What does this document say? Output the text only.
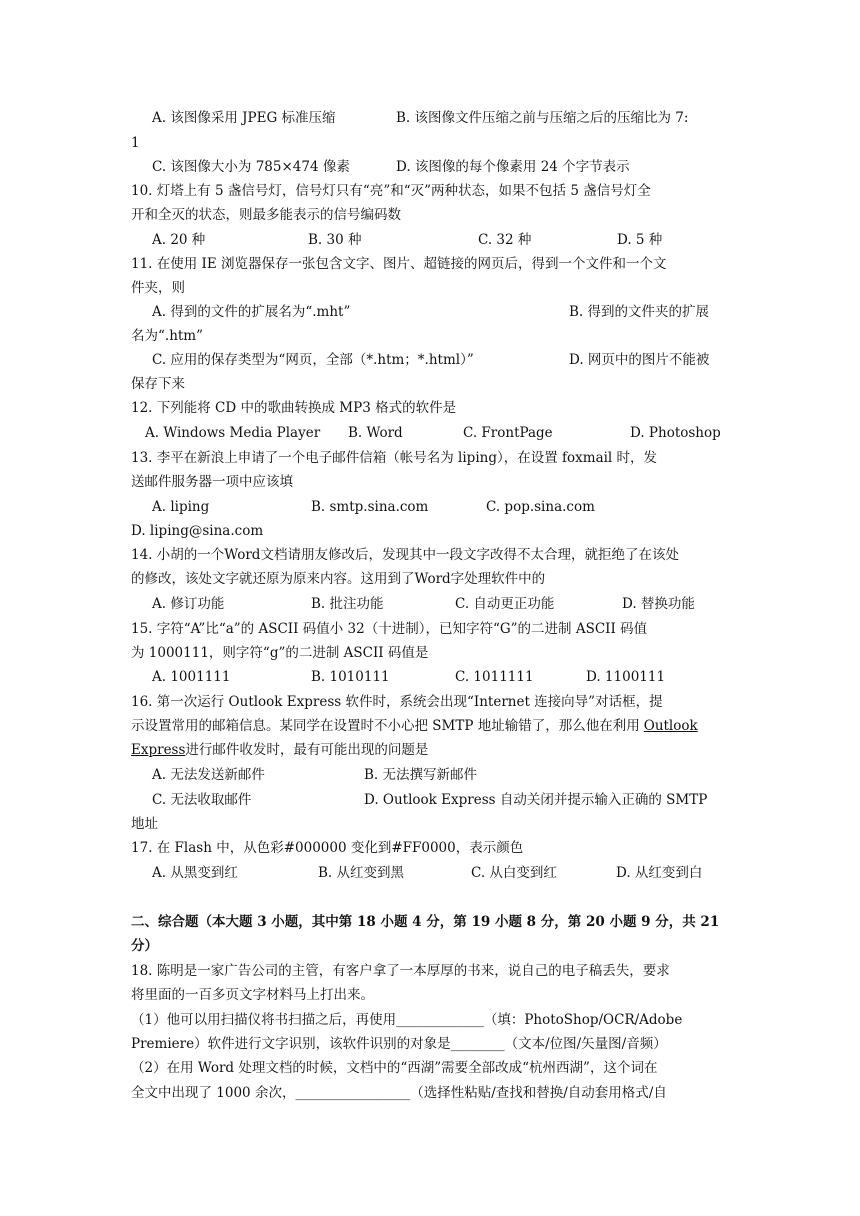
A. 该图像采用 JPEG 标准压缩	B. 该图像文件压缩之前与压缩之后的压缩比为 7:
1
C. 该图像大小为 785×474 像素	D. 该图像的每个像素用 24 个字节表示
10. 灯塔上有 5 盏信号灯，信号灯只有“亮”和“灭”两种状态，如果不包括 5 盏信号灯全
开和全灭的状态，则最多能表示的信号编码数
A. 20 种	B. 30 种	C. 32 种	D. 5 种
11. 在使用 IE 浏览器保存一张包含文字、图片、超链接的网页后，得到一个文件和一个文
件夹，则
A. 得到的文件的扩展名为“.mht”	B. 得到的文件夹的扩展
名为“.htm”
C. 应用的保存类型为“网页，全部（*.htm；*.html）”	D. 网页中的图片不能被
保存下来
12. 下列能将 CD 中的歌曲转换成 MP3 格式的软件是
A. Windows Media Player B. Word	C. FrontPage	D. Photoshop
13. 李平在新浪上申请了一个电子邮件信箱（帐号名为 liping），在设置 foxmail 时，发
送邮件服务器一项中应该填
A. liping	B. smtp.sina.com	C. pop.sina.com
D. liping@sina.com
14. 小胡的一个Word文档请朋友修改后，发现其中一段文字改得不太合理，就拒绝了在该处
的修改，该处文字就还原为原来内容。这用到了Word字处理软件中的
A. 修订功能	B. 批注功能	C. 自动更正功能	D. 替换功能
15. 字符“A”比“a”的 ASCII 码值小 32（十进制），已知字符“G”的二进制 ASCII 码值
为 1000111，则字符“g”的二进制 ASCII 码值是
A. 1001111	B. 1010111	C. 1011111	D. 1100111
16. 第一次运行 Outlook Express 软件时，系统会出现“Internet 连接向导”对话框，提
示设置常用的邮箱信息。某同学在设置时不小心把 SMTP 地址输错了，那么他在利用 Outlook
Express进行邮件收发时，最有可能出现的问题是
A. 无法发送新邮件	B. 无法撰写新邮件
C. 无法收取邮件	D. Outlook Express 自动关闭并提示输入正确的 SMTP
地址
17. 在 Flash 中，从色彩#000000 变化到#FF0000，表示颜色
A. 从黑变到红	B. 从红变到黑	C. 从白变到红	D. 从红变到白
二、综合题（本大题 3 小题，其中第 18 小题 4 分，第 19 小题 8 分，第 20 小题 9 分，共 21
分）
18. 陈明是一家广告公司的主管，有客户拿了一本厚厚的书来，说自己的电子稿丢失，要求
将里面的一百多页文字材料马上打出来。
（1）他可以用扫描仪将书扫描之后，再使用_____________（填：PhotoShop/OCR/Adobe
Premiere）软件进行文字识别，该软件识别的对象是________（文本/位图/矢量图/音频）
（2）在用 Word 处理文档的时候，文档中的“西湖”需要全部改成“杭州西湖”，这个词在
全文中出现了 1000 余次，_________________（选择性粘贴/查找和替换/自动套用格式/自
